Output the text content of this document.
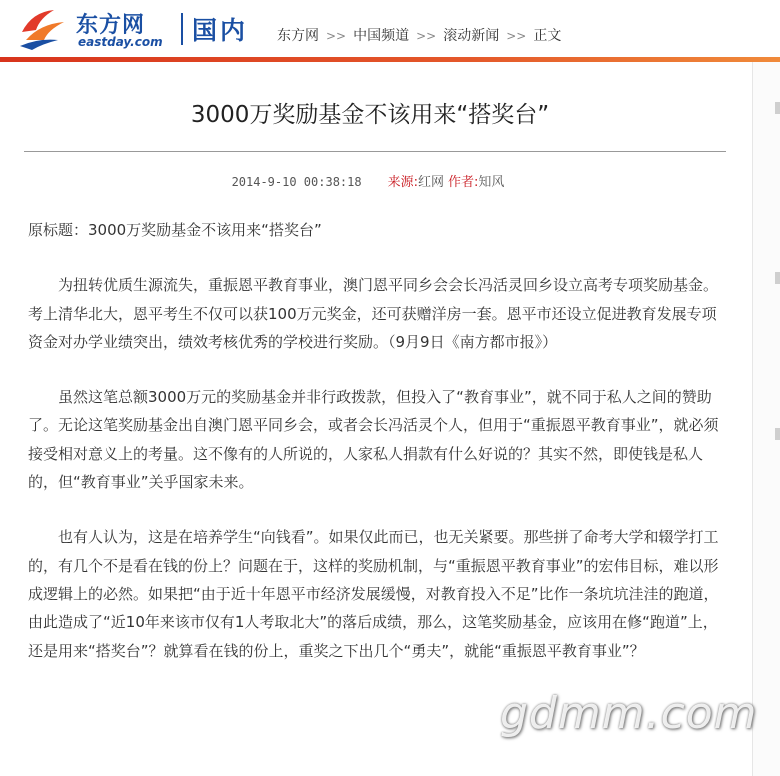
东方网
eastday.com 国内 东方网 >> 中国频道 >> 滚动新闻 >> 正文
3000万奖励基金不该用来“搭奖台”
2014-9-10 00:38:18 来源:红网 作者:知风

原标题：3000万奖励基金不该用来“搭奖台”

为扭转优质生源流失，重振恩平教育事业，澳门恩平同乡会会长冯活灵回乡设立高考专项奖励基金。考上清华北大，恩平考生不仅可以获100万元奖金，还可获赠洋房一套。恩平市还设立促进教育发展专项资金对办学业绩突出，绩效考核优秀的学校进行奖励。（9月9日《南方都市报》）

虽然这笔总额3000万元的奖励基金并非行政拨款，但投入了“教育事业”，就不同于私人之间的赞助了。无论这笔奖励基金出自澳门恩平同乡会，或者会长冯活灵个人，但用于“重振恩平教育事业”，就必须接受相对意义上的考量。这不像有的人所说的，人家私人捐款有什么好说的？其实不然，即使钱是私人的，但“教育事业”关乎国家未来。

也有人认为，这是在培养学生“向钱看”。如果仅此而已，也无关紧要。那些拼了命考大学和辍学打工的，有几个不是看在钱的份上？问题在于，这样的奖励机制，与“重振恩平教育事业”的宏伟目标，难以形成逻辑上的必然。如果把“由于近十年恩平市经济发展缓慢，对教育投入不足”比作一条坑坑洼洼的跑道，由此造成了“近10年来该市仅有1人考取北大”的落后成绩，那么，这笔奖励基金，应该用在修“跑道”上，还是用来“搭奖台”？就算看在钱的份上，重奖之下出几个“勇夫”，就能“重振恩平教育事业”？

gdmm.com
